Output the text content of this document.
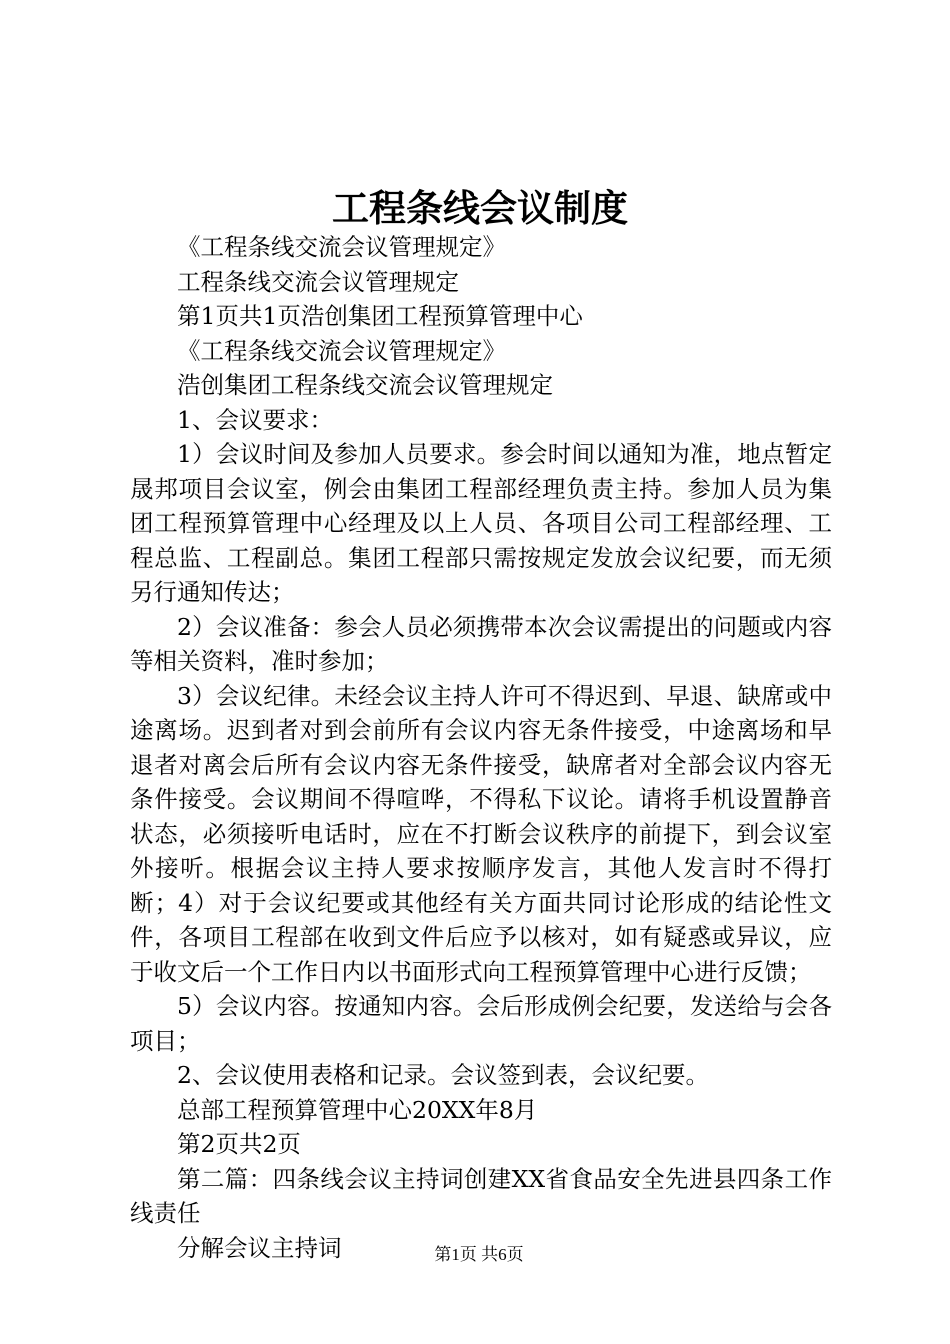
工程条线会议制度

《工程条线交流会议管理规定》

工程条线交流会议管理规定

第1页共1页浩创集团工程预算管理中心

《工程条线交流会议管理规定》

浩创集团工程条线交流会议管理规定

1、会议要求：

1）会议时间及参加人员要求。参会时间以通知为准，地点暂定晟邦项目会议室，例会由集团工程部经理负责主持。参加人员为集团工程预算管理中心经理及以上人员、各项目公司工程部经理、工程总监、工程副总。集团工程部只需按规定发放会议纪要，而无须另行通知传达；

2）会议准备：参会人员必须携带本次会议需提出的问题或内容等相关资料，准时参加；

3）会议纪律。未经会议主持人许可不得迟到、早退、缺席或中途离场。迟到者对到会前所有会议内容无条件接受，中途离场和早退者对离会后所有会议内容无条件接受，缺席者对全部会议内容无条件接受。会议期间不得喧哗，不得私下议论。请将手机设置静音状态，必须接听电话时，应在不打断会议秩序的前提下，到会议室外接听。根据会议主持人要求按顺序发言，其他人发言时不得打断；4）对于会议纪要或其他经有关方面共同讨论形成的结论性文件，各项目工程部在收到文件后应予以核对，如有疑惑或异议，应于收文后一个工作日内以书面形式向工程预算管理中心进行反馈；

5）会议内容。按通知内容。会后形成例会纪要，发送给与会各项目；

2、会议使用表格和记录。会议签到表，会议纪要。

总部工程预算管理中心20XX年8月

第2页共2页

第二篇：四条线会议主持词创建XX省食品安全先进县四条工作线责任

分解会议主持词	第1页 共6页
